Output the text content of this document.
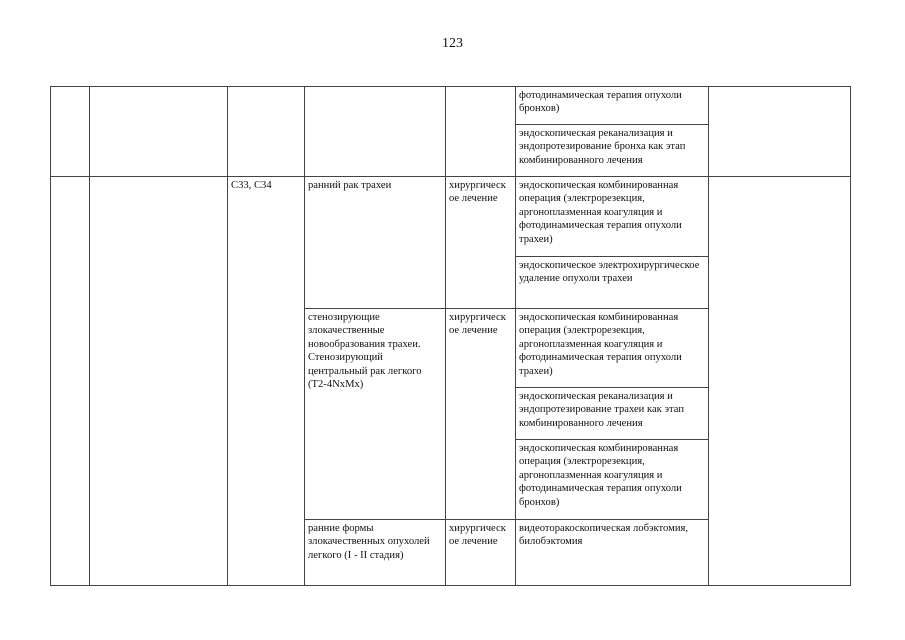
123
					фотодинамическая терапия опухоли бронхов)	
					эндоскопическая реканализация и эндопротезирование бронха как этап комбинированного лечения	
		С33, С34	ранний рак трахеи	хирургическ ое лечение	эндоскопическая комбинированная операция (электрорезекция, аргоноплазменная коагуляция и фотодинамическая терапия опухоли трахеи)	
					эндоскопическое электрохирургическое удаление опухоли трахеи	
			стенозирующие злокачественные новообразования трахеи. Стенозирующий центральный рак легкого (Т2-4NхМх)	хирургическ ое лечение	эндоскопическая комбинированная операция (электрорезекция, аргоноплазменная коагуляция и фотодинамическая терапия опухоли трахеи)	
					эндоскопическая реканализация и эндопротезирование трахеи как этап комбинированного лечения	
					эндоскопическая комбинированная операция (электрорезекция, аргоноплазменная коагуляция и фотодинамическая терапия опухоли бронхов)	
			ранние формы злокачественных опухолей легкого (I - II стадия)	хирургическ ое лечение	видеоторакоскопическая лобэктомия, билобэктомия	
